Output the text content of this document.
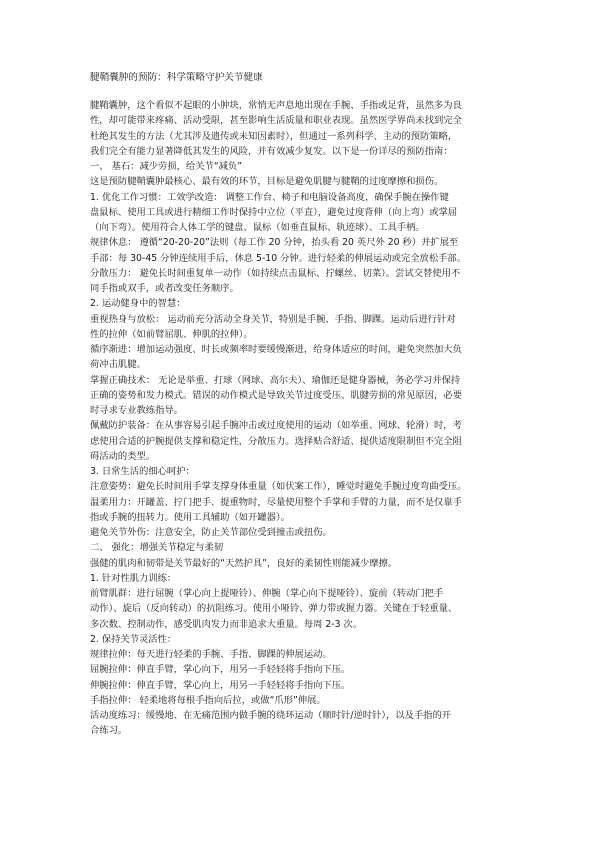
腱鞘囊肿的预防：科学策略守护关节健康
腱鞘囊肿，这个看似不起眼的小肿块，常悄无声息地出现在手腕、手指或足背，虽然多为良
性，却可能带来疼痛、活动受限，甚至影响生活质量和职业表现。虽然医学界尚未找到完全
杜绝其发生的方法（尤其涉及遗传或未知因素时），但通过一系列科学、主动的预防策略，
我们完全有能力显著降低其发生的风险，并有效减少复发。以下是一份详尽的预防指南：
一、 基石：减少劳损，给关节“减负”
这是预防腱鞘囊肿最核心、最有效的环节，目标是避免肌腱与腱鞘的过度摩擦和损伤。
1. 优化工作习惯：工效学改造： 调整工作台、椅子和电脑设备高度，确保手腕在操作键
盘鼠标、使用工具或进行精细工作时保持中立位（平直），避免过度背伸（向上弯）或掌屈
（向下弯）。使用符合人体工学的键盘、鼠标（如垂直鼠标、轨迹球）、工具手柄。
规律休息： 遵循“20-20-20”法则（每工作 20 分钟，抬头看 20 英尺外 20 秒）并扩展至
手部：每 30-45 分钟连续用手后，休息 5-10 分钟。进行轻柔的伸展运动或完全放松手部。
分散压力： 避免长时间重复单一动作（如持续点击鼠标、拧螺丝、切菜）。尝试交替使用不
同手指或双手，或者改变任务顺序。
2. 运动健身中的智慧：
重视热身与放松： 运动前充分活动全身关节，特别是手腕、手指、脚踝。运动后进行针对
性的拉伸（如前臂屈肌、伸肌的拉伸）。
循序渐进：增加运动强度、时长或频率时要缓慢渐进，给身体适应的时间，避免突然加大负
荷冲击肌腱。
掌握正确技术： 无论是举重、打球（网球、高尔夫）、瑜伽还是健身器械，务必学习并保持
正确的姿势和发力模式。错误的动作模式是导致关节过度受压、肌腱劳损的常见原因，必要
时寻求专业教练指导。
佩戴防护装备：在从事容易引起手腕冲击或过度使用的运动（如举重、网球、轮滑）时，考
虑使用合适的护腕提供支撑和稳定性，分散压力。选择贴合舒适、提供适度限制但不完全阻
碍活动的类型。
3. 日常生活的细心呵护：
注意姿势：避免长时间用手掌支撑身体重量（如伏案工作），睡觉时避免手腕过度弯曲受压。
温柔用力：开罐盖、拧门把手、提重物时，尽量使用整个手掌和手臂的力量，而不是仅靠手
指或手腕的扭转力。使用工具辅助（如开罐器）。
避免关节外伤：注意安全，防止关节部位受到撞击或扭伤。
二、 强化：增强关节稳定与柔韧
强健的肌肉和韧带是关节最好的“天然护具”，良好的柔韧性则能减少摩擦。
1. 针对性肌力训练：
前臂肌群：进行屈腕（掌心向上提哑铃）、伸腕（掌心向下提哑铃）、旋前（转动门把手
动作）、旋后（反向转动）的抗阻练习。使用小哑铃、弹力带或握力器。关键在于轻重量、
多次数、控制动作，感受肌肉发力而非追求大重量。每周 2-3 次。
2. 保持关节灵活性：
规律拉伸：每天进行轻柔的手腕、手指、脚踝的伸展运动。
屈腕拉伸：伸直手臂，掌心向下，用另一手轻轻将手指向下压。
伸腕拉伸：伸直手臂，掌心向上，用另一手轻轻将手指向下压。
手指拉伸： 轻柔地将每根手指向后拉，或做“爪形”伸展。
活动度练习：缓慢地、在无痛范围内做手腕的绕环运动（顺时针/逆时针），以及手指的开
合练习。
